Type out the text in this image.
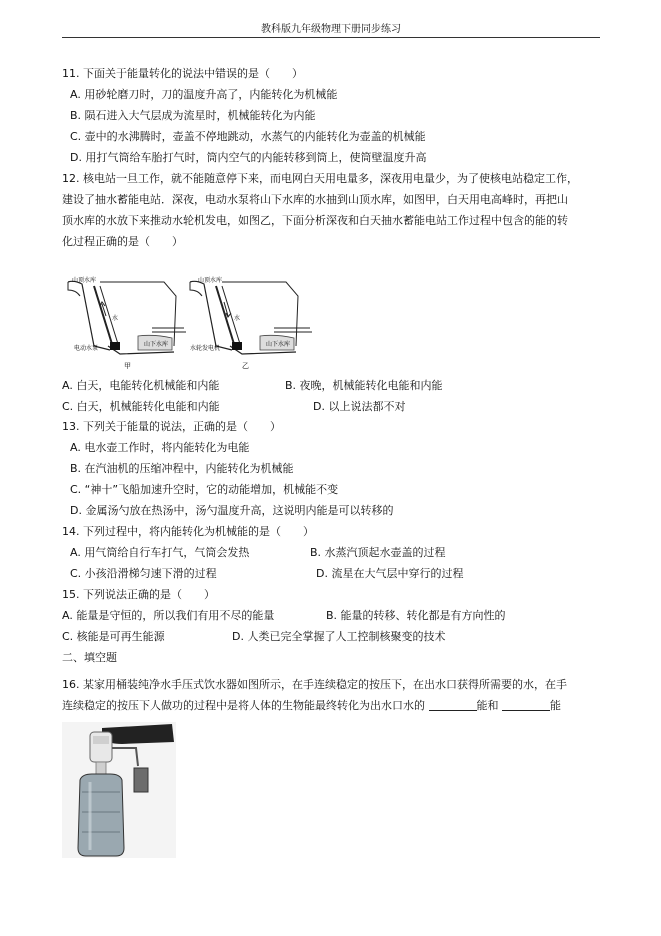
教科版九年级物理下册同步练习
11. 下面关于能量转化的说法中错误的是（　　）
A. 用砂轮磨刀时，刀的温度升高了，内能转化为机械能
B. 陨石进入大气层成为流星时，机械能转化为内能
C. 壶中的水沸腾时，壶盖不停地跳动，水蒸气的内能转化为壶盖的机械能
D. 用打气筒给车胎打气时，筒内空气的内能转移到筒上，使筒壁温度升高
12. 核电站一旦工作，就不能随意停下来，而电网白天用电量多，深夜用电量少，为了使核电站稳定工作，
建设了抽水蓄能电站．深夜，电动水泵将山下水库的水抽到山顶水库，如图甲，白天用电高峰时，再把山
顶水库的水放下来推动水轮机发电，如图乙，下面分析深夜和白天抽水蓄能电站工作过程中包含的能的转
化过程正确的是（　　）
山顶水库
水
电动水泵
山下水库
甲
山顶水库
水
水轮发电机
山下水库
乙
A. 白天，电能转化机械能和内能	B. 夜晚，机械能转化电能和内能
C. 白天，机械能转化电能和内能	D. 以上说法都不对
13. 下列关于能量的说法，正确的是（　　）
A. 电水壶工作时，将内能转化为电能
B. 在汽油机的压缩冲程中，内能转化为机械能
C. “神十”飞船加速升空时，它的动能增加，机械能不变
D. 金属汤勺放在热汤中，汤勺温度升高，这说明内能是可以转移的
14. 下列过程中，将内能转化为机械能的是（　　）
A. 用气筒给自行车打气，气筒会发热	B. 水蒸汽顶起水壶盖的过程
C. 小孩沿滑梯匀速下滑的过程	D. 流星在大气层中穿行的过程
15. 下列说法正确的是（　　）
A. 能量是守恒的，所以我们有用不尽的能量	B. 能量的转移、转化都是有方向性的
C. 核能是可再生能源	D. 人类已完全掌握了人工控制核聚变的技术
二、填空题
16. 某家用桶装纯净水手压式饮水器如图所示，在手连续稳定的按压下，在出水口获得所需要的水，在手
连续稳定的按压下人做功的过程中是将人体的生物能最终转化为出水口水的	能和	能
